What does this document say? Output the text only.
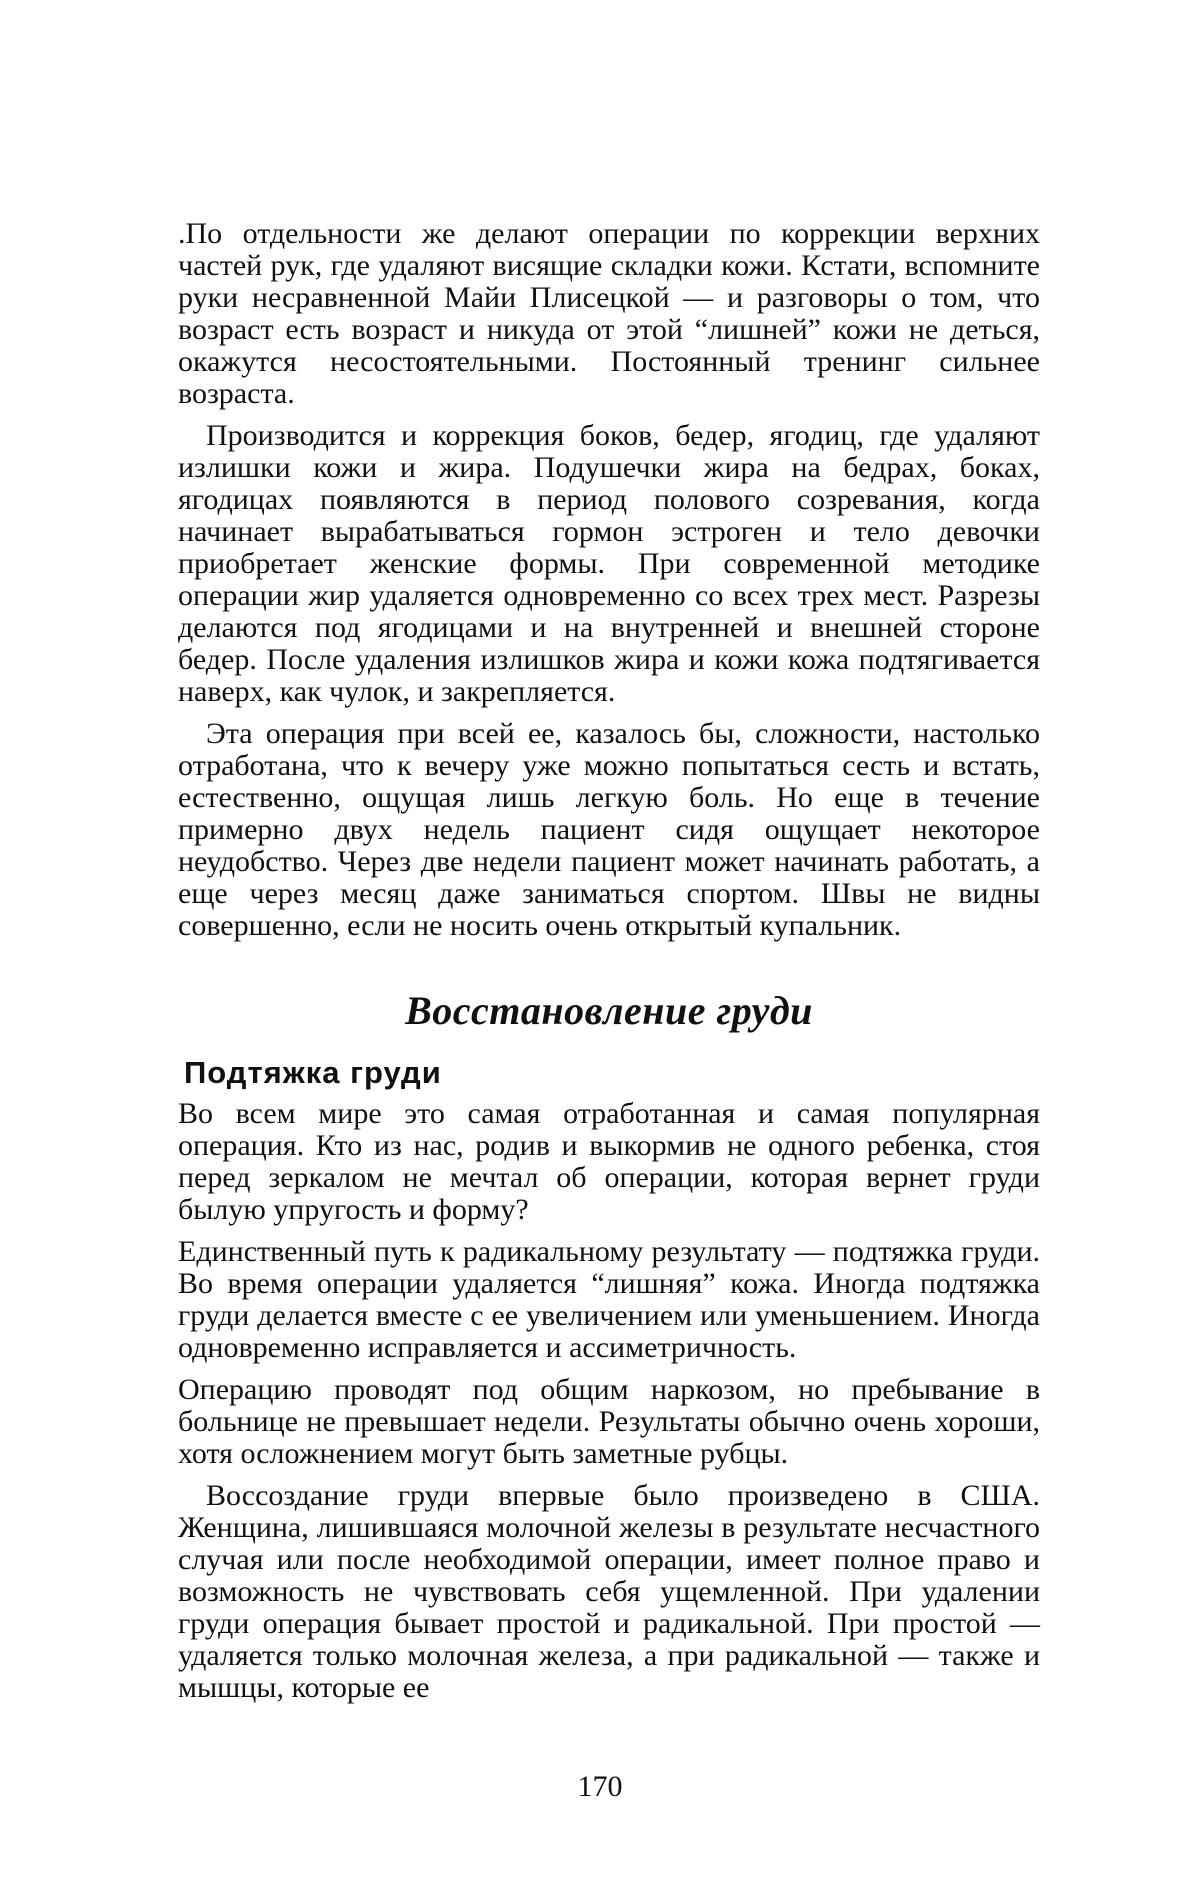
.По отдельности же делают операции по коррекции верхних частей рук, где удаляют висящие складки кожи. Кстати, вспомните руки несравненной Майи Плисецкой — и разговоры о том, что возраст есть возраст и никуда от этой “лишней” кожи не деться, окажутся несостоятельными. Постоянный тренинг сильнее возраста.

Производится и коррекция боков, бедер, ягодиц, где удаляют излишки кожи и жира. Подушечки жира на бедрах, боках, ягодицах появляются в период полового созревания, когда начинает вырабатываться гормон эстроген и тело девочки приобретает женские формы. При современной методике операции жир удаляется одновременно со всех трех мест. Разрезы делаются под ягодицами и на внутренней и внешней стороне бедер. После удаления излишков жира и кожи кожа подтягивается наверх, как чулок, и закрепляется.

Эта операция при всей ее, казалось бы, сложности, настолько отработана, что к вечеру уже можно попытаться сесть и встать, естественно, ощущая лишь легкую боль. Но еще в течение примерно двух недель пациент сидя ощущает некоторое неудобство. Через две недели пациент может начинать работать, а еще через месяц даже заниматься спортом. Швы не видны совершенно, если не носить очень открытый купальник.

Восстановление груди
Подтяжка груди

Во всем мире это самая отработанная и самая популярная операция. Кто из нас, родив и выкормив не одного ребенка, стоя перед зеркалом не мечтал об операции, которая вернет груди былую упругость и форму?

Единственный путь к радикальному результату — подтяжка груди. Во время операции удаляется “лишняя” кожа. Иногда подтяжка груди делается вместе с ее увеличением или уменьшением. Иногда одновременно исправляется и ассиметричность.

Операцию проводят под общим наркозом, но пребывание в больнице не превышает недели. Результаты обычно очень хороши, хотя осложнением могут быть заметные рубцы.

Воссоздание груди впервые было произведено в США. Женщина, лишившаяся молочной железы в результате несчастного случая или после необходимой операции, имеет полное право и возможность не чувствовать себя ущемленной. При удалении груди операция бывает простой и радикальной. При простой — удаляется только молочная железа, а при радикальной — также и мышцы, которые ее

170
